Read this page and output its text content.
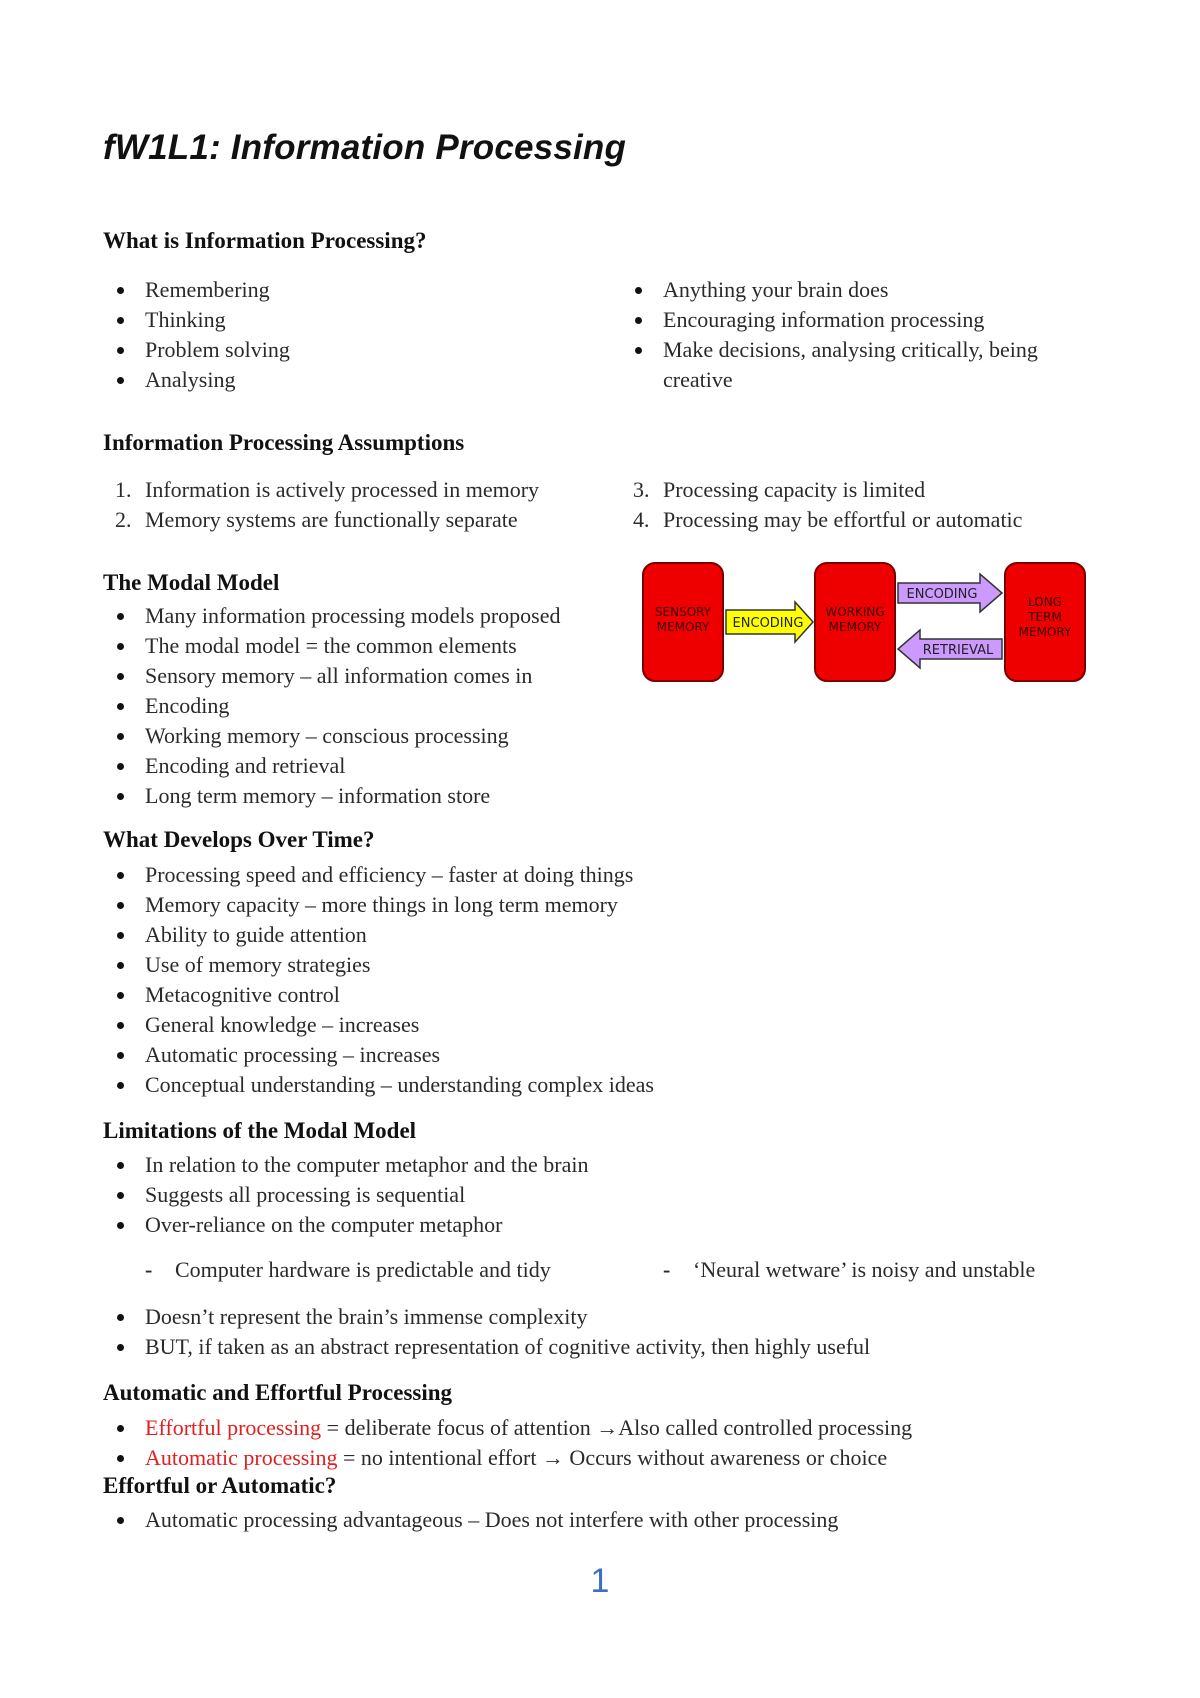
fW1L1: Information Processing
What is Information Processing?
Remembering
Thinking
Problem solving
Analysing
Anything your brain does
Encouraging information processing
Make decisions, analysing critically, being creative
Information Processing Assumptions
1. Information is actively processed in memory
2. Memory systems are functionally separate
3. Processing capacity is limited
4. Processing may be effortful or automatic
The Modal Model
Many information processing models proposed
The modal model = the common elements
Sensory memory – all information comes in
Encoding
Working memory – conscious processing
Encoding and retrieval
Long term memory – information store
SENSORY
MEMORY
WORKING
MEMORY
LONG
TERM
MEMORY
ENCODING
ENCODING
RETRIEVAL
What Develops Over Time?
Processing speed and efficiency – faster at doing things
Memory capacity – more things in long term memory
Ability to guide attention
Use of memory strategies
Metacognitive control
General knowledge – increases
Automatic processing – increases
Conceptual understanding – understanding complex ideas
Limitations of the Modal Model
In relation to the computer metaphor and the brain
Suggests all processing is sequential
Over-reliance on the computer metaphor
- Computer hardware is predictable and tidy	- ‘Neural wetware’ is noisy and unstable
Doesn’t represent the brain’s immense complexity
BUT, if taken as an abstract representation of cognitive activity, then highly useful
Automatic and Effortful Processing
Effortful processing = deliberate focus of attention →Also called controlled processing
Automatic processing = no intentional effort → Occurs without awareness or choice
Effortful or Automatic?
Automatic processing advantageous – Does not interfere with other processing
1
